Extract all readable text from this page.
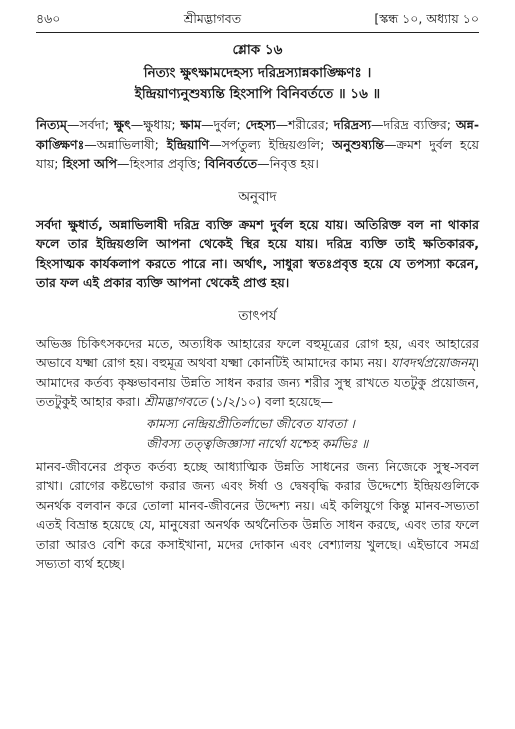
৪৬০	শ্রীমদ্ভাগবত	[স্কন্ধ ১০, অধ্যায় ১০
শ্লোক ১৬
নিত্যং ক্ষুৎক্ষামদেহস্য দরিদ্রস্যান্নকাঙ্ক্ষিণঃ ।
ইন্দ্রিয়াণ্যনুশুষ্যন্তি হিংসাপি বিনিবর্ততে ॥ ১৬ ॥
নিত্যম্—সর্বদা; ক্ষুৎ—ক্ষুধায়; ক্ষাম—দুর্বল; দেহস্য—শরীরের; দরিদ্রস্য—দরিদ্র ব্যক্তির; অন্ন-কাঙ্ক্ষিণঃ—অন্নাভিলাষী; ইন্দ্রিয়াণি—সর্পতুল্য ইন্দ্রিয়গুলি; অনুশুষ্যন্তি—ক্রমশ দুর্বল হয়ে যায়; হিংসা অপি—হিংসার প্রবৃত্তি; বিনিবর্ততে—নিবৃত্ত হয়।
অনুবাদ
সর্বদা ক্ষুধার্ত, অন্নাভিলাষী দরিদ্র ব্যক্তি ক্রমশ দুর্বল হয়ে যায়। অতিরিক্ত বল না থাকার ফলে তার ইন্দ্রিয়গুলি আপনা থেকেই স্থির হয়ে যায়। দরিদ্র ব্যক্তি তাই ক্ষতিকারক, হিংসাত্মক কার্যকলাপ করতে পারে না। অর্থাৎ, সাধুরা স্বতঃপ্রবৃত্ত হয়ে যে তপস্যা করেন, তার ফল এই প্রকার ব্যক্তি আপনা থেকেই প্রাপ্ত হয়।
তাৎপর্য

অভিজ্ঞ চিকিৎসকদের মতে, অত্যধিক আহারের ফলে বহুমূত্রের রোগ হয়, এবং আহারের অভাবে যক্ষ্মা রোগ হয়। বহুমূত্র অথবা যক্ষ্মা কোনটিই আমাদের কাম্য নয়। যাবদর্থপ্রয়োজনম্। আমাদের কর্তব্য কৃষ্ণভাবনায় উন্নতি সাধন করার জন্য শরীর সুস্থ রাখতে যতটুকু প্রয়োজন, ততটুকুই আহার করা। শ্রীমদ্ভাগবতে (১/২/১০) বলা হয়েছে—

কামস্য নেন্দ্রিয়প্রীতির্লাভো জীবেত যাবতা ।
জীবস্য তত্ত্বজিজ্ঞাসা নার্থো যশ্চেহ কর্মভিঃ ॥

মানব-জীবনের প্রকৃত কর্তব্য হচ্ছে আধ্যাত্মিক উন্নতি সাধনের জন্য নিজেকে সুস্থ-সবল রাখা। রোগের কষ্টভোগ করার জন্য এবং ঈর্ষা ও দ্বেষবৃদ্ধি করার উদ্দেশ্যে ইন্দ্রিয়গুলিকে অনর্থক বলবান করে তোলা মানব-জীবনের উদ্দেশ্য নয়। এই কলিযুগে কিন্তু মানব-সভ্যতা এতই বিভ্রান্ত হয়েছে যে, মানুষেরা অনর্থক অর্থনৈতিক উন্নতি সাধন করছে, এবং তার ফলে তারা আরও বেশি করে কসাইখানা, মদের দোকান এবং বেশ্যালয় খুলছে। এইভাবে সমগ্র সভ্যতা ব্যর্থ হচ্ছে।
